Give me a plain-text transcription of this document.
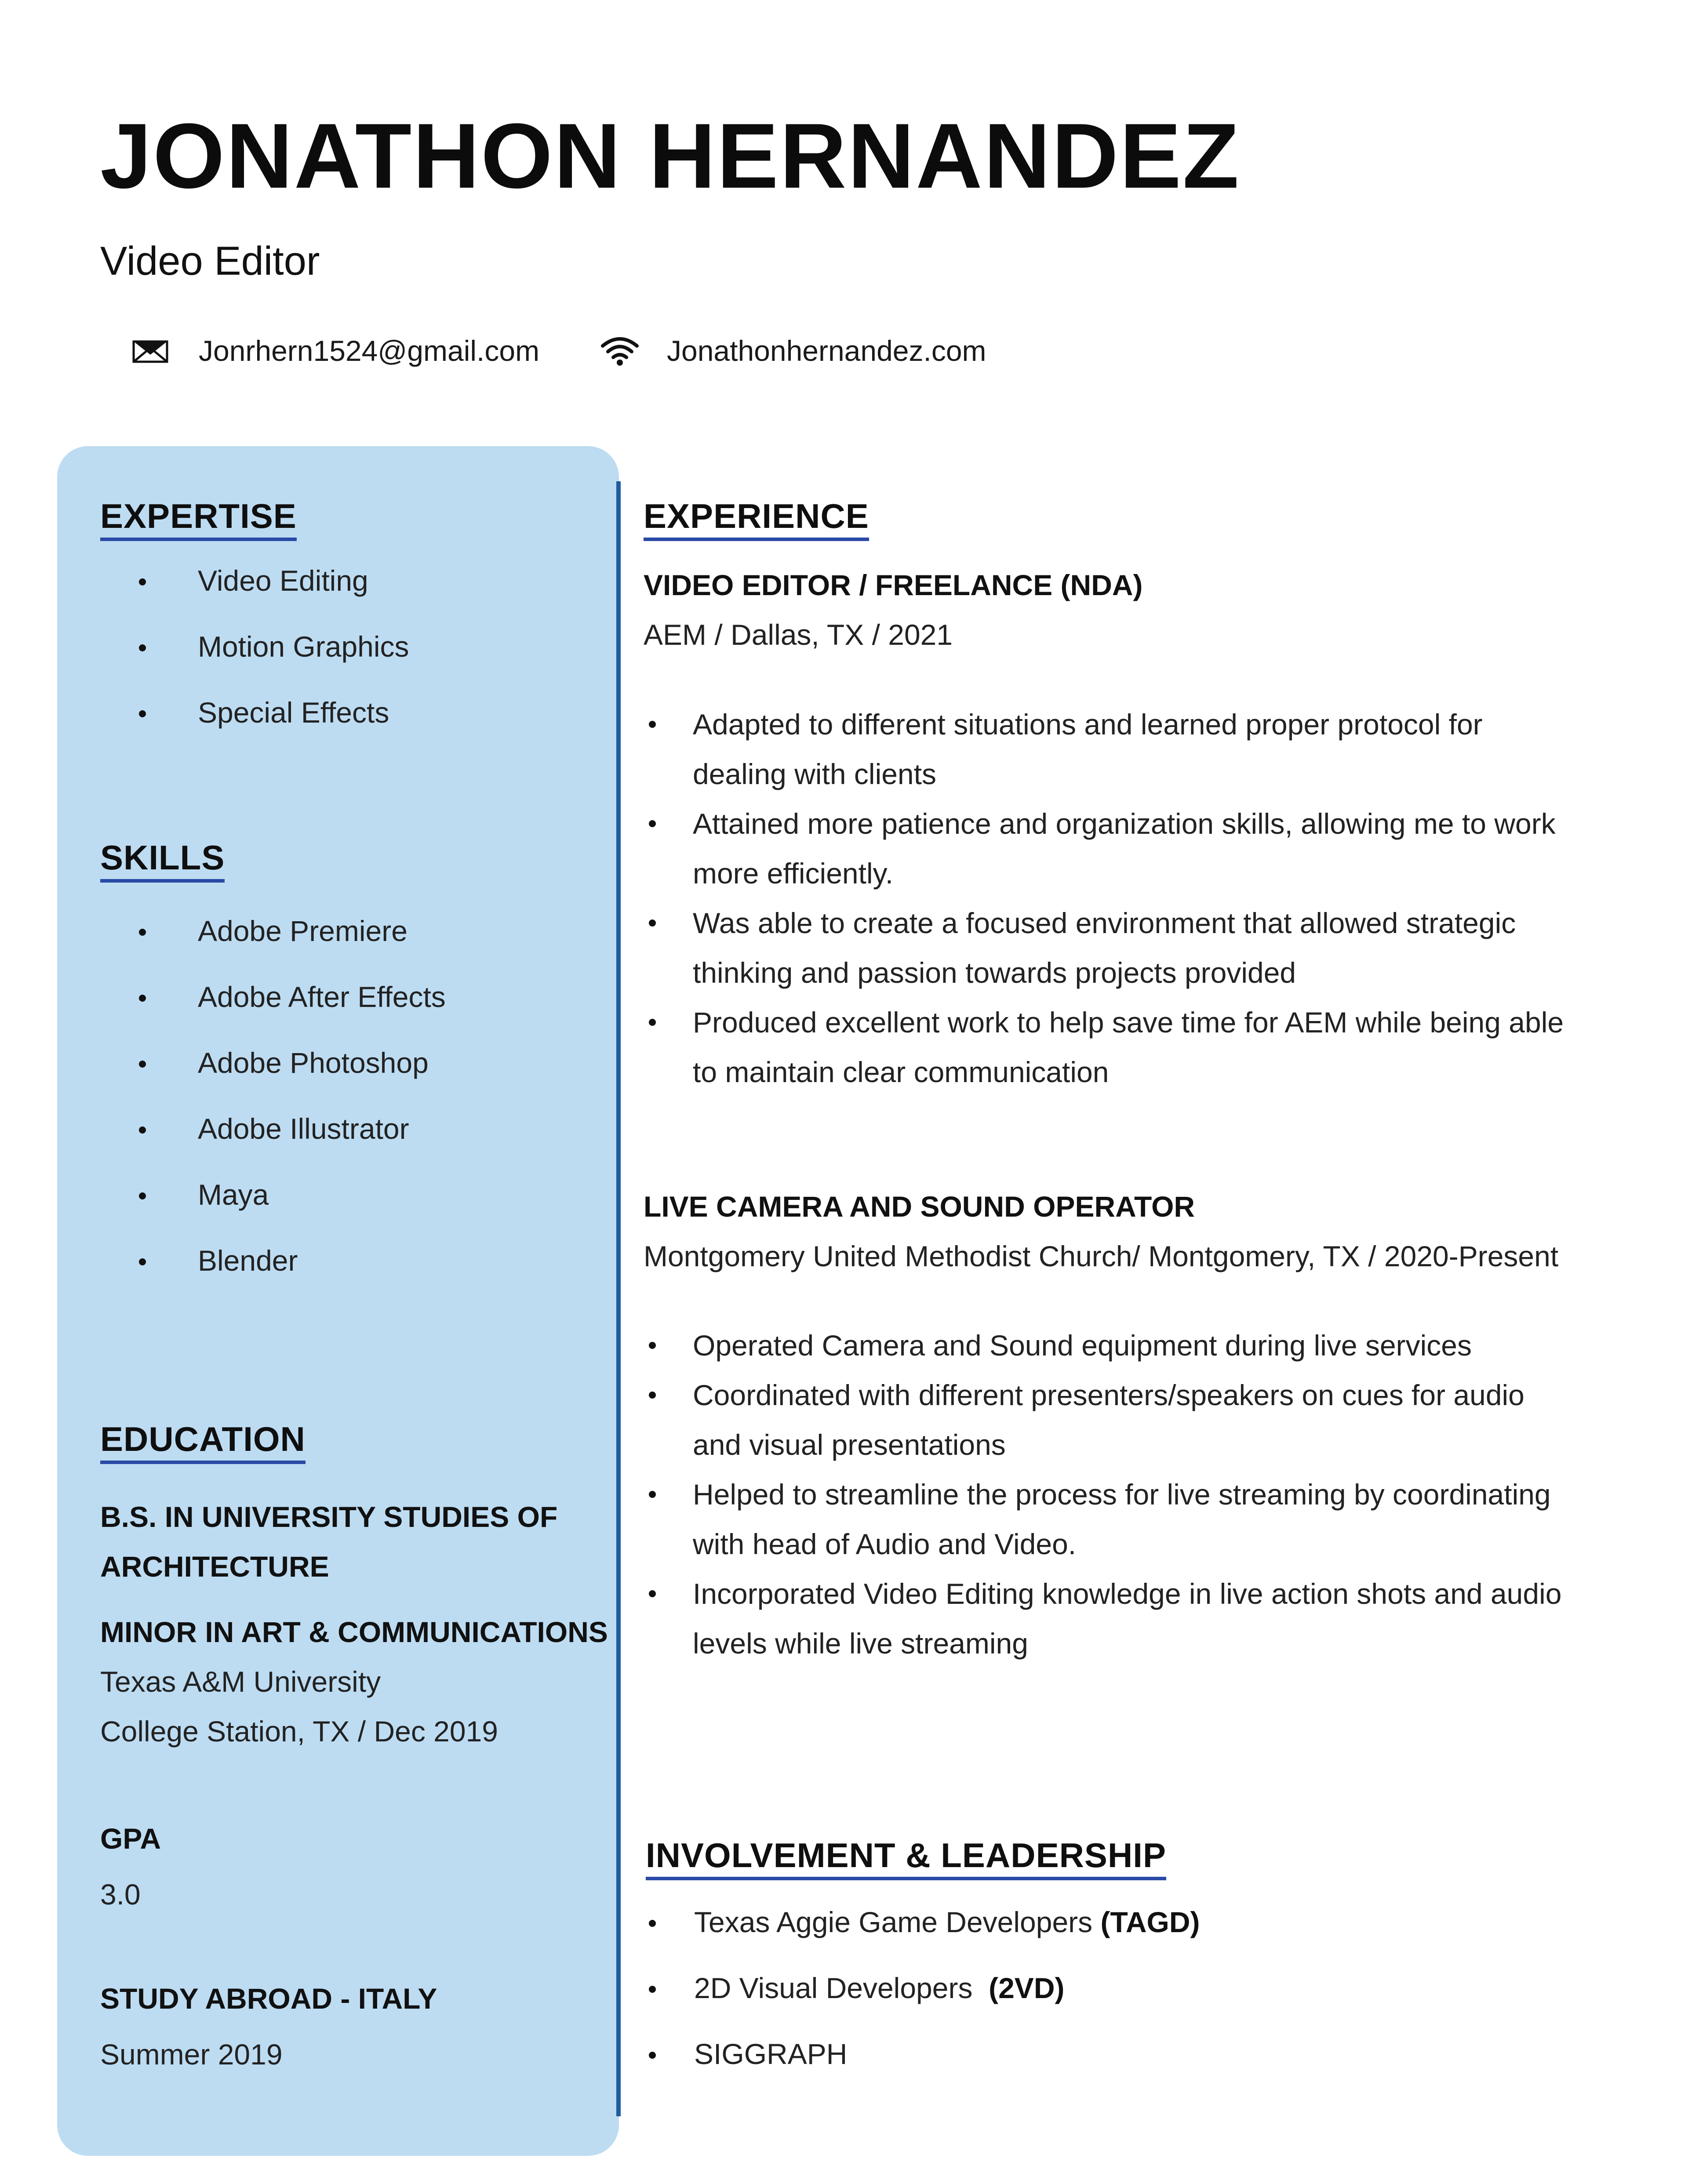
JONATHON HERNANDEZ
Video Editor
Jonrhern1524@gmail.com	Jonathonhernandez.com
EXPERTISE
Video Editing
Motion Graphics
Special Effects
SKILLS
Adobe Premiere
Adobe After Effects
Adobe Photoshop
Adobe Illustrator
Maya
Blender
EDUCATION

B.S. IN UNIVERSITY STUDIES OF

ARCHITECTURE

MINOR IN ART & COMMUNICATIONS

Texas A&M University

College Station, TX / Dec 2019

GPA

3.0

STUDY ABROAD - ITALY

Summer 2019

EXPERIENCE

VIDEO EDITOR / FREELANCE (NDA)

AEM / Dallas, TX / 2021

Adapted to different situations and learned proper protocol for
dealing with clients
Attained more patience and organization skills, allowing me to work
more efficiently.
Was able to create a focused environment that allowed strategic
thinking and passion towards projects provided
Produced excellent work to help save time for AEM while being able
to maintain clear communication

LIVE CAMERA AND SOUND OPERATOR

Montgomery United Methodist Church/ Montgomery, TX / 2020-Present

Operated Camera and Sound equipment during live services
Coordinated with different presenters/speakers on cues for audio
and visual presentations
Helped to streamline the process for live streaming by coordinating
with head of Audio and Video.
Incorporated Video Editing knowledge in live action shots and audio
levels while live streaming
INVOLVEMENT & LEADERSHIP
Texas Aggie Game Developers (TAGD)
2D Visual Developers  (2VD)
SIGGRAPH
